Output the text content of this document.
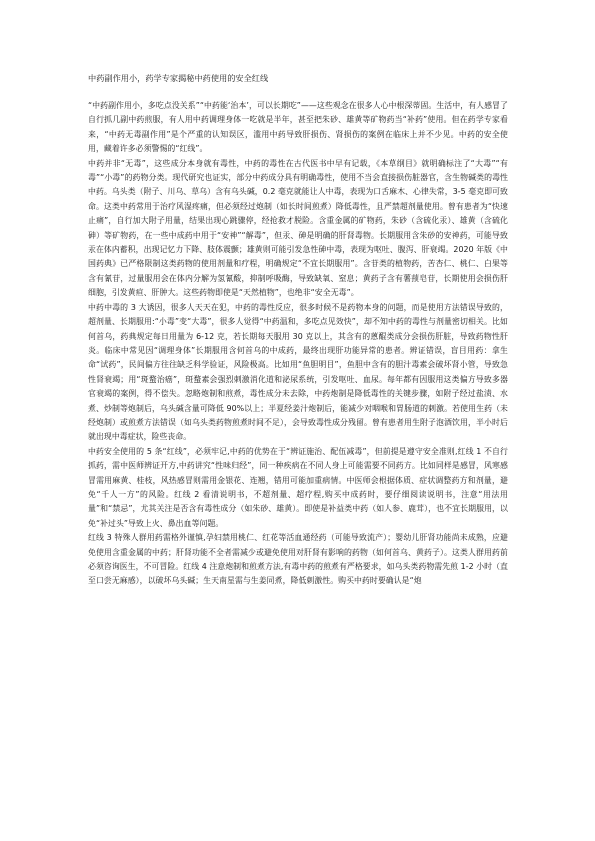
中药副作用小，药学专家揭秘中药使用的安全红线

“中药副作用小，多吃点没关系”“中药能‘治本’，可以长期吃”——这些观念在很多人心中根深蒂固。生活中，有人感冒了自行抓几副中药煎服，有人用中药调理身体一吃就是半年，甚至把朱砂、雄黄等矿物药当“补药”使用。但在药学专家看来，“中药无毒副作用”是个严重的认知误区，滥用中药导致肝损伤、肾损伤的案例在临床上并不少见。中药的安全使用，藏着许多必须警惕的“红线”。

中药并非“无毒”，这些成分本身就有毒性，中药的毒性在古代医书中早有记载，《本草纲目》就明确标注了“大毒”“有毒”“小毒”的药物分类。现代研究也证实，部分中药成分具有明确毒性，使用不当会直接损伤脏器官，含生物碱类的毒性中药。乌头类（附子、川乌、草乌）含有乌头碱，0.2 毫克就能让人中毒，表现为口舌麻木、心律失常，3-5 毫克即可致命。这类中药常用于治疗风湿疼痛，但必须经过炮制（如长时间煎煮）降低毒性，且严禁超剂量使用。曾有患者为“快速止痛”，自行加大附子用量，结果出现心跳骤停，经抢救才脱险。含重金属的矿物药，朱砂（含硫化汞）、雄黄（含硫化砷）等矿物药，在一些中成药中用于“安神”“解毒”，但汞、砷是明确的肝肾毒物。长期服用含朱砂的安神药，可能导致汞在体内蓄积，出现记忆力下降、肢体震颤；雄黄则可能引发急性砷中毒，表现为呕吐、腹泻、肝衰竭。2020 年版《中国药典》已严格限制这类药物的使用剂量和疗程，明确规定“不宜长期服用”。含苷类的植物药，苦杏仁、桃仁、白果等含有氰苷，过量服用会在体内分解为氢氰酸，抑制呼吸酶，导致缺氧、窒息；黄药子含有薯蓣皂苷，长期使用会损伤肝细胞，引发黄疸、肝肿大。这些药物即使是“天然植物”，也绝非“安全无毒”。

中药中毒的 3 大诱因，很多人天天在犯，中药的毒性反应，很多时候不是药物本身的问题，而是使用方法错误导致的，超剂量、长期服用:“小毒”变“大毒”，很多人觉得“中药温和，多吃点见效快”，却不知中药的毒性与剂量密切相关。比如何首乌，药典规定每日用量为 6-12 克，若长期每天服用 30 克以上，其含有的蒽醌类成分会损伤肝脏，导致药物性肝炎。临床中常见因“调理身体”长期服用含何首乌的中成药，最终出现肝功能异常的患者。辨证错误，盲目用药：拿生命“试药”，民间偏方往往缺乏科学验证，风险极高。比如用“鱼胆明目”，鱼胆中含有的胆汁毒素会破坏肾小管，导致急性肾衰竭；用“斑蝥治癌”，斑蝥素会强烈刺激消化道和泌尿系统，引发呕吐、血尿。每年都有因服用这类偏方导致多器官衰竭的案例，得不偿失。忽略炮制和煎煮，毒性成分未去除，中药炮制是降低毒性的关键步骤，如附子经过盐渍、水煮、炒制等炮制后，乌头碱含量可降低 90%以上；半夏经姜汁炮制后，能减少对咽喉和胃肠道的刺激。若使用生药（未经炮制）或煎煮方法错误（如乌头类药物煎煮时间不足），会导致毒性成分残留。曾有患者用生附子泡酒饮用，半小时后就出现中毒症状，险些丧命。

中药安全使用的 5 条“红线”，必须牢记,中药的优势在于“辨证施治、配伍减毒”，但前提是遵守安全准则,红线 1 不自行抓药，需中医师辨证开方,中药讲究“性味归经”，同一种疾病在不同人身上可能需要不同药方。比如同样是感冒，风寒感冒需用麻黄、桂枝，风热感冒则需用金银花、连翘，错用可能加重病情。中医师会根据体质、症状调整药方和剂量，避免“千人一方”的风险。红线 2 看清说明书，不超剂量、超疗程,购买中成药时，要仔细阅读说明书，注意“用法用量”和“禁忌”，尤其关注是否含有毒性成分（如朱砂、雄黄）。即使是补益类中药（如人参、鹿茸），也不宜长期服用，以免“补过头”导致上火、鼻出血等问题。

红线 3 特殊人群用药需格外谨慎,孕妇禁用桃仁、红花等活血通经药（可能导致流产）；婴幼儿肝肾功能尚未成熟，应避免使用含重金属的中药；肝肾功能不全者需减少或避免使用对肝肾有影响的药物（如何首乌、黄药子）。这类人群用药前必须咨询医生，不可冒险。红线 4 注意炮制和煎煮方法,有毒中药的煎煮有严格要求，如乌头类药物需先煎 1-2 小时（直至口尝无麻感），以破坏乌头碱；生天南星需与生姜同煮，降低刺激性。购买中药时要确认是“炮
